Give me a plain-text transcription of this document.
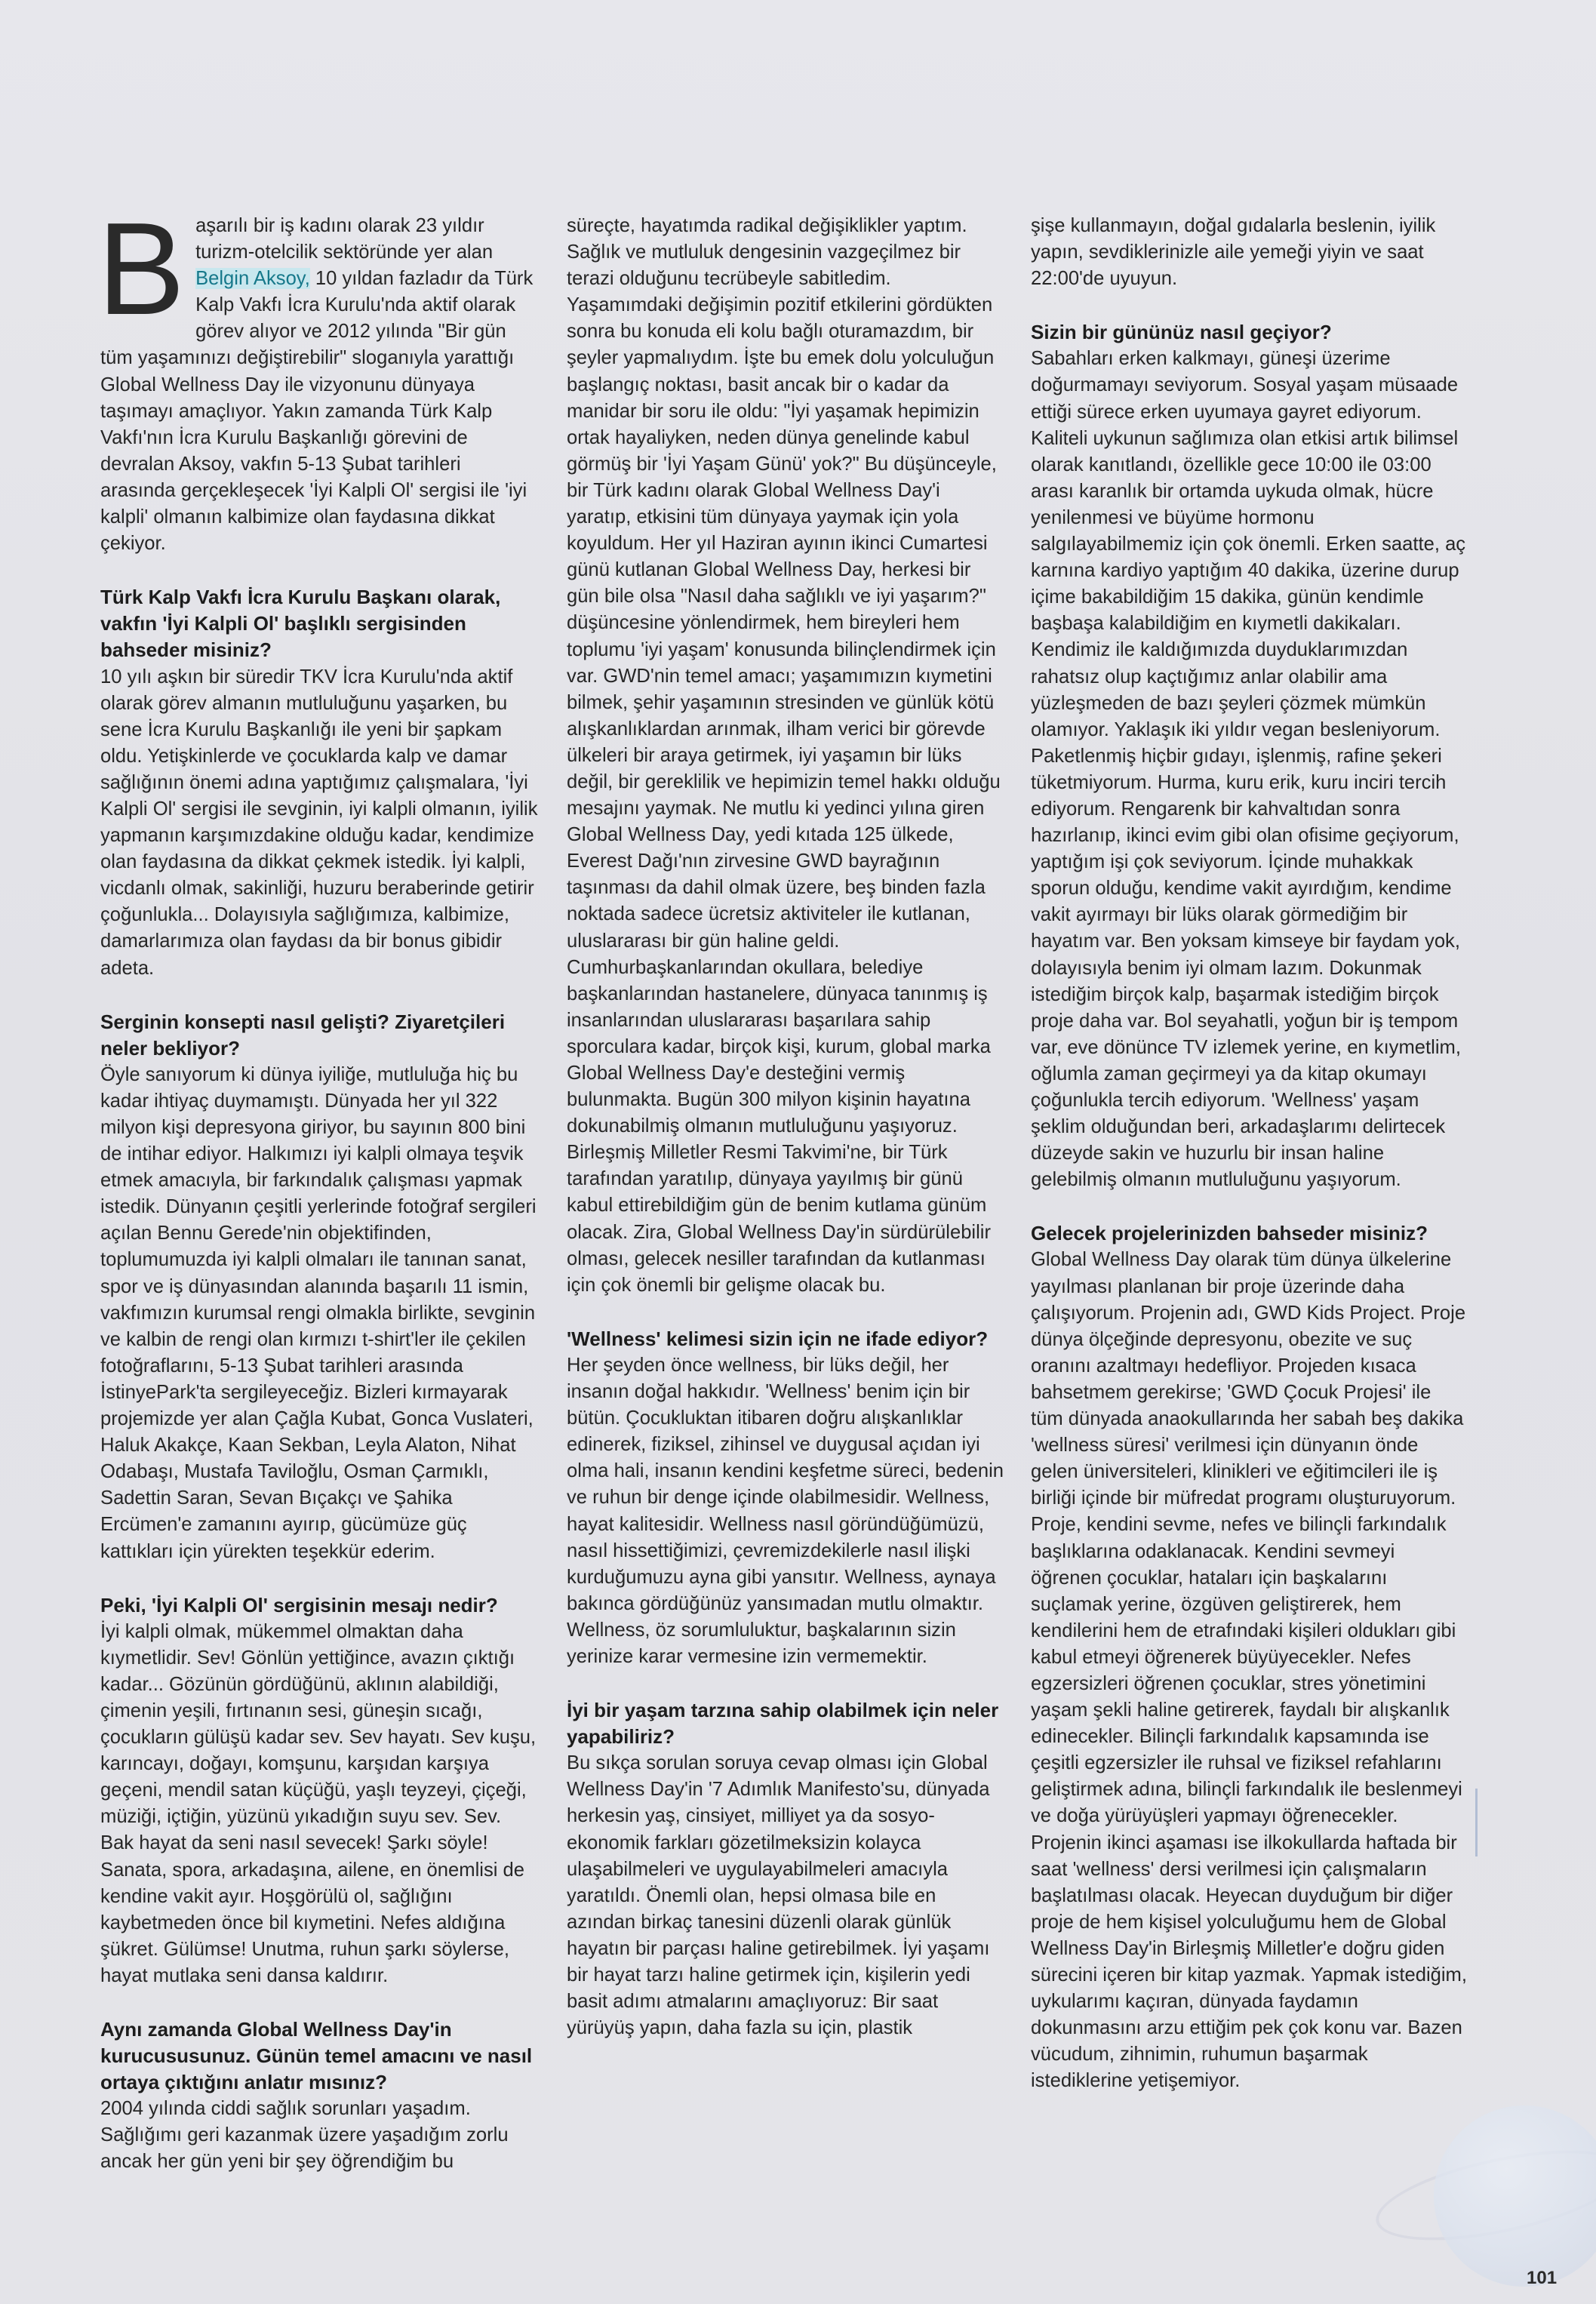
Başarılı bir iş kadını olarak 23 yıldır turizm-otelcilik sektöründe yer alan Belgin Aksoy, 10 yıldan fazladır da Türk Kalp Vakfı İcra Kurulu'nda aktif olarak görev alıyor ve 2012 yılında "Bir gün tüm yaşamınızı değiştirebilir" sloganıyla yarattığı Global Wellness Day ile vizyonunu dünyaya taşımayı amaçlıyor. Yakın zamanda Türk Kalp Vakfı'nın İcra Kurulu Başkanlığı görevini de devralan Aksoy, vakfın 5-13 Şubat tarihleri arasında gerçekleşecek 'İyi Kalpli Ol' sergisi ile 'iyi kalpli' olmanın kalbimize olan faydasına dikkat çekiyor.

Türk Kalp Vakfı İcra Kurulu Başkanı olarak, vakfın 'İyi Kalpli Ol' başlıklı sergisinden bahseder misiniz?

10 yılı aşkın bir süredir TKV İcra Kurulu'nda aktif olarak görev almanın mutluluğunu yaşarken, bu sene İcra Kurulu Başkanlığı ile yeni bir şapkam oldu. Yetişkinlerde ve çocuklarda kalp ve damar sağlığının önemi adına yaptığımız çalışmalara, 'İyi Kalpli Ol' sergisi ile sevginin, iyi kalpli olmanın, iyilik yapmanın karşımızdakine olduğu kadar, kendimize olan faydasına da dikkat çekmek istedik. İyi kalpli, vicdanlı olmak, sakinliği, huzuru beraberinde getirir çoğunlukla... Dolayısıyla sağlığımıza, kalbimize, damarlarımıza olan faydası da bir bonus gibidir adeta.

Serginin konsepti nasıl gelişti? Ziyaretçileri neler bekliyor?

Öyle sanıyorum ki dünya iyiliğe, mutluluğa hiç bu kadar ihtiyaç duymamıştı. Dünyada her yıl 322 milyon kişi depresyona giriyor, bu sayının 800 bini de intihar ediyor. Halkımızı iyi kalpli olmaya teşvik etmek amacıyla, bir farkındalık çalışması yapmak istedik. Dünyanın çeşitli yerlerinde fotoğraf sergileri açılan Bennu Gerede'nin objektifinden, toplumumuzda iyi kalpli olmaları ile tanınan sanat, spor ve iş dünyasından alanında başarılı 11 ismin, vakfımızın kurumsal rengi olmakla birlikte, sevginin ve kalbin de rengi olan kırmızı t-shirt'ler ile çekilen fotoğraflarını, 5-13 Şubat tarihleri arasında İstinyePark'ta sergileyeceğiz. Bizleri kırmayarak projemizde yer alan Çağla Kubat, Gonca Vuslateri, Haluk Akakçe, Kaan Sekban, Leyla Alaton, Nihat Odabaşı, Mustafa Taviloğlu, Osman Çarmıklı, Sadettin Saran, Sevan Bıçakçı ve Şahika Ercümen'e zamanını ayırıp, gücümüze güç kattıkları için yürekten teşekkür ederim.

Peki, 'İyi Kalpli Ol' sergisinin mesajı nedir?

İyi kalpli olmak, mükemmel olmaktan daha kıymetlidir. Sev! Gönlün yettiğince, avazın çıktığı kadar... Gözünün gördüğünü, aklının alabildiği, çimenin yeşili, fırtınanın sesi, güneşin sıcağı, çocukların gülüşü kadar sev. Sev hayatı. Sev kuşu, karıncayı, doğayı, komşunu, karşıdan karşıya geçeni, mendil satan küçüğü, yaşlı teyzeyi, çiçeği, müziği, içtiğin, yüzünü yıkadığın suyu sev. Sev. Bak hayat da seni nasıl sevecek! Şarkı söyle! Sanata, spora, arkadaşına, ailene, en önemlisi de kendine vakit ayır. Hoşgörülü ol, sağlığını kaybetmeden önce bil kıymetini. Nefes aldığına şükret. Gülümse! Unutma, ruhun şarkı söylerse, hayat mutlaka seni dansa kaldırır.

Aynı zamanda Global Wellness Day'in kurucususunuz. Günün temel amacını ve nasıl ortaya çıktığını anlatır mısınız?

2004 yılında ciddi sağlık sorunları yaşadım. Sağlığımı geri kazanmak üzere yaşadığım zorlu ancak her gün yeni bir şey öğrendiğim bu

süreçte, hayatımda radikal değişiklikler yaptım. Sağlık ve mutluluk dengesinin vazgeçilmez bir terazi olduğunu tecrübeyle sabitledim. Yaşamımdaki değişimin pozitif etkilerini gördükten sonra bu konuda eli kolu bağlı oturamazdım, bir şeyler yapmalıydım. İşte bu emek dolu yolculuğun başlangıç noktası, basit ancak bir o kadar da manidar bir soru ile oldu: "İyi yaşamak hepimizin ortak hayaliyken, neden dünya genelinde kabul görmüş bir 'İyi Yaşam Günü' yok?" Bu düşünceyle, bir Türk kadını olarak Global Wellness Day'i yaratıp, etkisini tüm dünyaya yaymak için yola koyuldum. Her yıl Haziran ayının ikinci Cumartesi günü kutlanan Global Wellness Day, herkesi bir gün bile olsa "Nasıl daha sağlıklı ve iyi yaşarım?" düşüncesine yönlendirmek, hem bireyleri hem toplumu 'iyi yaşam' konusunda bilinçlendirmek için var. GWD'nin temel amacı; yaşamımızın kıymetini bilmek, şehir yaşamının stresinden ve günlük kötü alışkanlıklardan arınmak, ilham verici bir görevde ülkeleri bir araya getirmek, iyi yaşamın bir lüks değil, bir gereklilik ve hepimizin temel hakkı olduğu mesajını yaymak. Ne mutlu ki yedinci yılına giren Global Wellness Day, yedi kıtada 125 ülkede, Everest Dağı'nın zirvesine GWD bayrağının taşınması da dahil olmak üzere, beş binden fazla noktada sadece ücretsiz aktiviteler ile kutlanan, uluslararası bir gün haline geldi. Cumhurbaşkanlarından okullara, belediye başkanlarından hastanelere, dünyaca tanınmış iş insanlarından uluslararası başarılara sahip sporculara kadar, birçok kişi, kurum, global marka Global Wellness Day'e desteğini vermiş bulunmakta. Bugün 300 milyon kişinin hayatına dokunabilmiş olmanın mutluluğunu yaşıyoruz. Birleşmiş Milletler Resmi Takvimi'ne, bir Türk tarafından yaratılıp, dünyaya yayılmış bir günü kabul ettirebildiğim gün de benim kutlama günüm olacak. Zira, Global Wellness Day'in sürdürülebilir olması, gelecek nesiller tarafından da kutlanması için çok önemli bir gelişme olacak bu.

'Wellness' kelimesi sizin için ne ifade ediyor?

Her şeyden önce wellness, bir lüks değil, her insanın doğal hakkıdır. 'Wellness' benim için bir bütün. Çocukluktan itibaren doğru alışkanlıklar edinerek, fiziksel, zihinsel ve duygusal açıdan iyi olma hali, insanın kendini keşfetme süreci, bedenin ve ruhun bir denge içinde olabilmesidir. Wellness, hayat kalitesidir. Wellness nasıl göründüğümüzü, nasıl hissettiğimizi, çevremizdekilerle nasıl ilişki kurduğumuzu ayna gibi yansıtır. Wellness, aynaya bakınca gördüğünüz yansımadan mutlu olmaktır. Wellness, öz sorumluluktur, başkalarının sizin yerinize karar vermesine izin vermemektir.

İyi bir yaşam tarzına sahip olabilmek için neler yapabiliriz?

Bu sıkça sorulan soruya cevap olması için Global Wellness Day'in '7 Adımlık Manifesto'su, dünyada herkesin yaş, cinsiyet, milliyet ya da sosyo-ekonomik farkları gözetilmeksizin kolayca ulaşabilmeleri ve uygulayabilmeleri amacıyla yaratıldı. Önemli olan, hepsi olmasa bile en azından birkaç tanesini düzenli olarak günlük hayatın bir parçası haline getirebilmek. İyi yaşamı bir hayat tarzı haline getirmek için, kişilerin yedi basit adımı atmalarını amaçlıyoruz: Bir saat yürüyüş yapın, daha fazla su için, plastik

şişe kullanmayın, doğal gıdalarla beslenin, iyilik yapın, sevdiklerinizle aile yemeği yiyin ve saat 22:00'de uyuyun.

Sizin bir gününüz nasıl geçiyor?

Sabahları erken kalkmayı, güneşi üzerime doğurmamayı seviyorum. Sosyal yaşam müsaade ettiği sürece erken uyumaya gayret ediyorum. Kaliteli uykunun sağlımıza olan etkisi artık bilimsel olarak kanıtlandı, özellikle gece 10:00 ile 03:00 arası karanlık bir ortamda uykuda olmak, hücre yenilenmesi ve büyüme hormonu salgılayabilmemiz için çok önemli. Erken saatte, aç karnına kardiyo yaptığım 40 dakika, üzerine durup içime bakabildiğim 15 dakika, günün kendimle başbaşa kalabildiğim en kıymetli dakikaları. Kendimiz ile kaldığımızda duyduklarımızdan rahatsız olup kaçtığımız anlar olabilir ama yüzleşmeden de bazı şeyleri çözmek mümkün olamıyor. Yaklaşık iki yıldır vegan besleniyorum. Paketlenmiş hiçbir gıdayı, işlenmiş, rafine şekeri tüketmiyorum. Hurma, kuru erik, kuru inciri tercih ediyorum. Rengarenk bir kahvaltıdan sonra hazırlanıp, ikinci evim gibi olan ofisime geçiyorum, yaptığım işi çok seviyorum. İçinde muhakkak sporun olduğu, kendime vakit ayırdığım, kendime vakit ayırmayı bir lüks olarak görmediğim bir hayatım var. Ben yoksam kimseye bir faydam yok, dolayısıyla benim iyi olmam lazım. Dokunmak istediğim birçok kalp, başarmak istediğim birçok proje daha var. Bol seyahatli, yoğun bir iş tempom var, eve dönünce TV izlemek yerine, en kıymetlim, oğlumla zaman geçirmeyi ya da kitap okumayı çoğunlukla tercih ediyorum. 'Wellness' yaşam şeklim olduğundan beri, arkadaşlarımı delirtecek düzeyde sakin ve huzurlu bir insan haline gelebilmiş olmanın mutluluğunu yaşıyorum.

Gelecek projelerinizden bahseder misiniz?

Global Wellness Day olarak tüm dünya ülkelerine yayılması planlanan bir proje üzerinde daha çalışıyorum. Projenin adı, GWD Kids Project. Proje dünya ölçeğinde depresyonu, obezite ve suç oranını azaltmayı hedefliyor. Projeden kısaca bahsetmem gerekirse; 'GWD Çocuk Projesi' ile tüm dünyada anaokullarında her sabah beş dakika 'wellness süresi' verilmesi için dünyanın önde gelen üniversiteleri, klinikleri ve eğitimcileri ile iş birliği içinde bir müfredat programı oluşturuyorum. Proje, kendini sevme, nefes ve bilinçli farkındalık başlıklarına odaklanacak. Kendini sevmeyi öğrenen çocuklar, hataları için başkalarını suçlamak yerine, özgüven geliştirerek, hem kendilerini hem de etrafındaki kişileri oldukları gibi kabul etmeyi öğrenerek büyüyecekler. Nefes egzersizleri öğrenen çocuklar, stres yönetimini yaşam şekli haline getirerek, faydalı bir alışkanlık edinecekler. Bilinçli farkındalık kapsamında ise çeşitli egzersizler ile ruhsal ve fiziksel refahlarını geliştirmek adına, bilinçli farkındalık ile beslenmeyi ve doğa yürüyüşleri yapmayı öğrenecekler. Projenin ikinci aşaması ise ilkokullarda haftada bir saat 'wellness' dersi verilmesi için çalışmaların başlatılması olacak. Heyecan duyduğum bir diğer proje de hem kişisel yolculuğumu hem de Global Wellness Day'in Birleşmiş Milletler'e doğru giden sürecini içeren bir kitap yazmak. Yapmak istediğim, uykularımı kaçıran, dünyada faydamın dokunmasını arzu ettiğim pek çok konu var. Bazen vücudum, zihnimin, ruhumun başarmak istediklerine yetişemiyor.

101
